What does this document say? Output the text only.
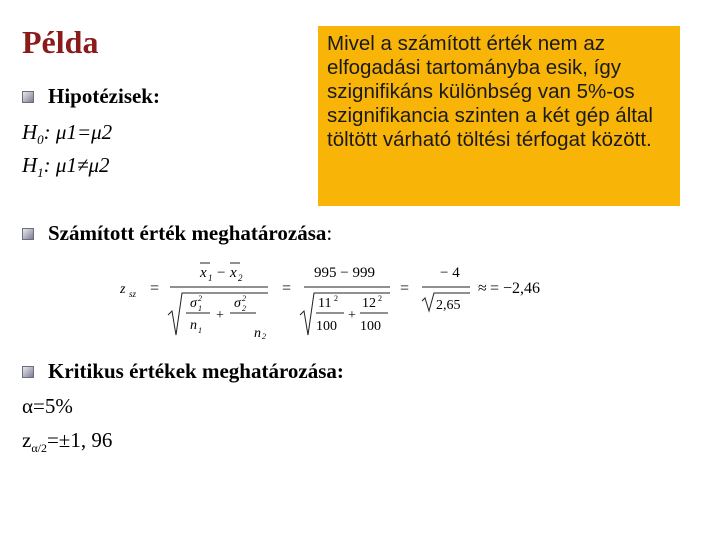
Példa
Hipotézisek:
$H_0$: μ1=μ2
$H_1$: μ1≠μ2
Mivel a számított érték nem az elfogadási tartományba esik, így szignifikáns különbség van 5%-os szignifikancia szinten a két gép által töltött várható töltési térfogat között.
Számított érték meghatározása :
z sz =
x 1 − x 2
σ 2
1
n 1
+
σ 2
2
n 2
=
995 − 999
11 2
100
+
12 2
100
=
− 4
2,65
≈ = −2,46
Kritikus értékek meghatározása:
α=5%
$z_{\alpha/2}=\pm 1$, 96
